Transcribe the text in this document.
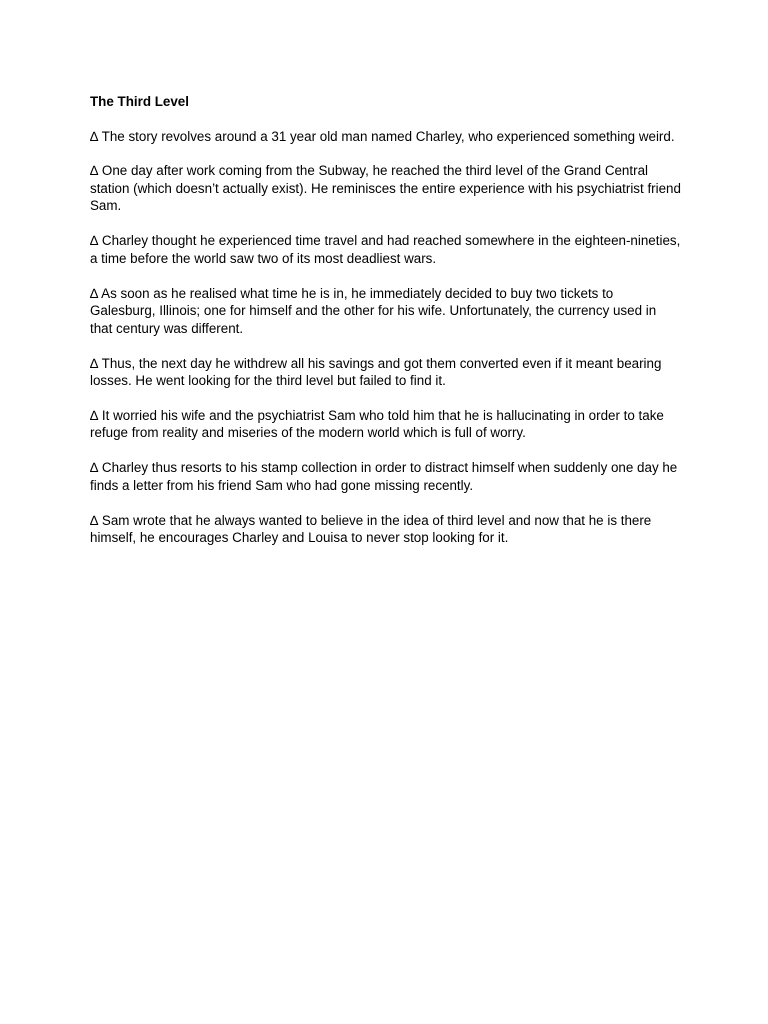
The Third Level

∆ The story revolves around a 31 year old man named Charley, who experienced something weird.

∆ One day after work coming from the Subway, he reached the third level of the Grand Central station (which doesn’t actually exist). He reminisces the entire experience with his psychiatrist friend Sam.

∆ Charley thought he experienced time travel and had reached somewhere in the eighteen-nineties, a time before the world saw two of its most deadliest wars.

∆ As soon as he realised what time he is in, he immediately decided to buy two tickets to Galesburg, Illinois; one for himself and the other for his wife. Unfortunately, the currency used in that century was different.

∆ Thus, the next day he withdrew all his savings and got them converted even if it meant bearing losses. He went looking for the third level but failed to find it.

∆ It worried his wife and the psychiatrist Sam who told him that he is hallucinating in order to take refuge from reality and miseries of the modern world which is full of worry.

∆ Charley thus resorts to his stamp collection in order to distract himself when suddenly one day he finds a letter from his friend Sam who had gone missing recently.

∆ Sam wrote that he always wanted to believe in the idea of third level and now that he is there himself, he encourages Charley and Louisa to never stop looking for it.
